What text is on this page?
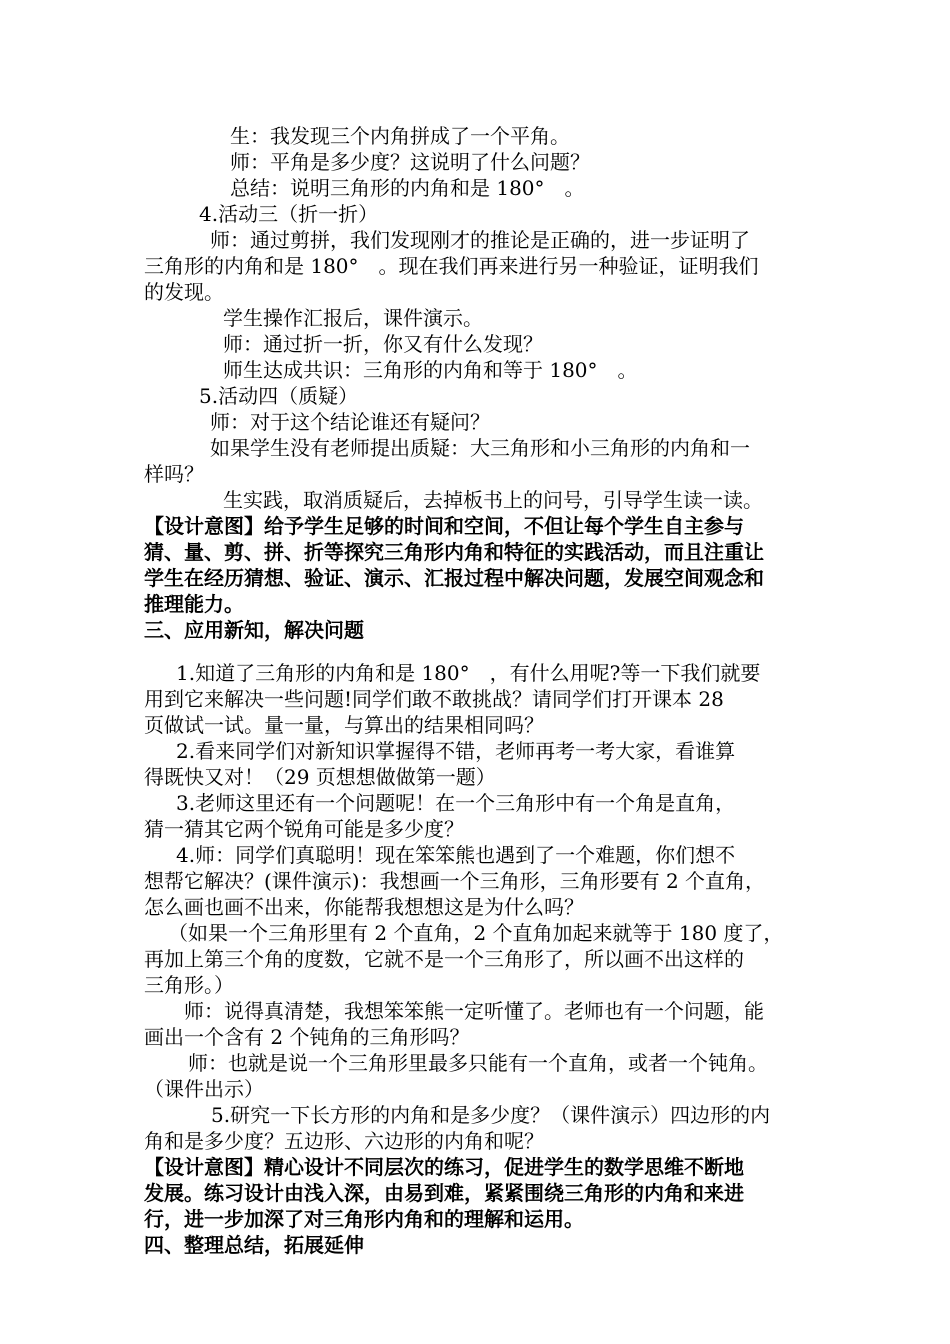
生：我发现三个内角拼成了一个平角。
师：平角是多少度？这说明了什么问题？
总结：说明三角形的内角和是 180°　。
4.活动三（折一折）
师：通过剪拼，我们发现刚才的推论是正确的，进一步证明了
三角形的内角和是 180°　。现在我们再来进行另一种验证，证明我们
的发现。
学生操作汇报后，课件演示。
师：通过折一折，你又有什么发现？
师生达成共识：三角形的内角和等于 180°　。
5.活动四（质疑）
师：对于这个结论谁还有疑问？
如果学生没有老师提出质疑：大三角形和小三角形的内角和一
样吗？
生实践，取消质疑后，去掉板书上的问号，引导学生读一读。
【设计意图】给予学生足够的时间和空间，不但让每个学生自主参与
猜、量、剪、拼、折等探究三角形内角和特征的实践活动，而且注重让
学生在经历猜想、验证、演示、汇报过程中解决问题，发展空间观念和
推理能力。
三、应用新知，解决问题
1.知道了三角形的内角和是 180°　，有什么用呢?等一下我们就要
用到它来解决一些问题!同学们敢不敢挑战？请同学们打开课本 28
页做试一试。量一量，与算出的结果相同吗？
2.看来同学们对新知识掌握得不错，老师再考一考大家，看谁算
得既快又对！（29 页想想做做第一题）
3.老师这里还有一个问题呢！在一个三角形中有一个角是直角，
猜一猜其它两个锐角可能是多少度？
4.师：同学们真聪明！现在笨笨熊也遇到了一个难题，你们想不
想帮它解决？(课件演示)：我想画一个三角形，三角形要有 2 个直角，
怎么画也画不出来，你能帮我想想这是为什么吗？
（如果一个三角形里有 2 个直角，2 个直角加起来就等于 180 度了，
再加上第三个角的度数，它就不是一个三角形了，所以画不出这样的
三角形。）
师：说得真清楚，我想笨笨熊一定听懂了。老师也有一个问题，能
画出一个含有 2 个钝角的三角形吗？
师：也就是说一个三角形里最多只能有一个直角，或者一个钝角。
（课件出示）
5.研究一下长方形的内角和是多少度？（课件演示）四边形的内
角和是多少度？五边形、六边形的内角和呢？
【设计意图】精心设计不同层次的练习，促进学生的数学思维不断地
发展。练习设计由浅入深，由易到难，紧紧围绕三角形的内角和来进
行，进一步加深了对三角形内角和的理解和运用。
四、整理总结，拓展延伸
